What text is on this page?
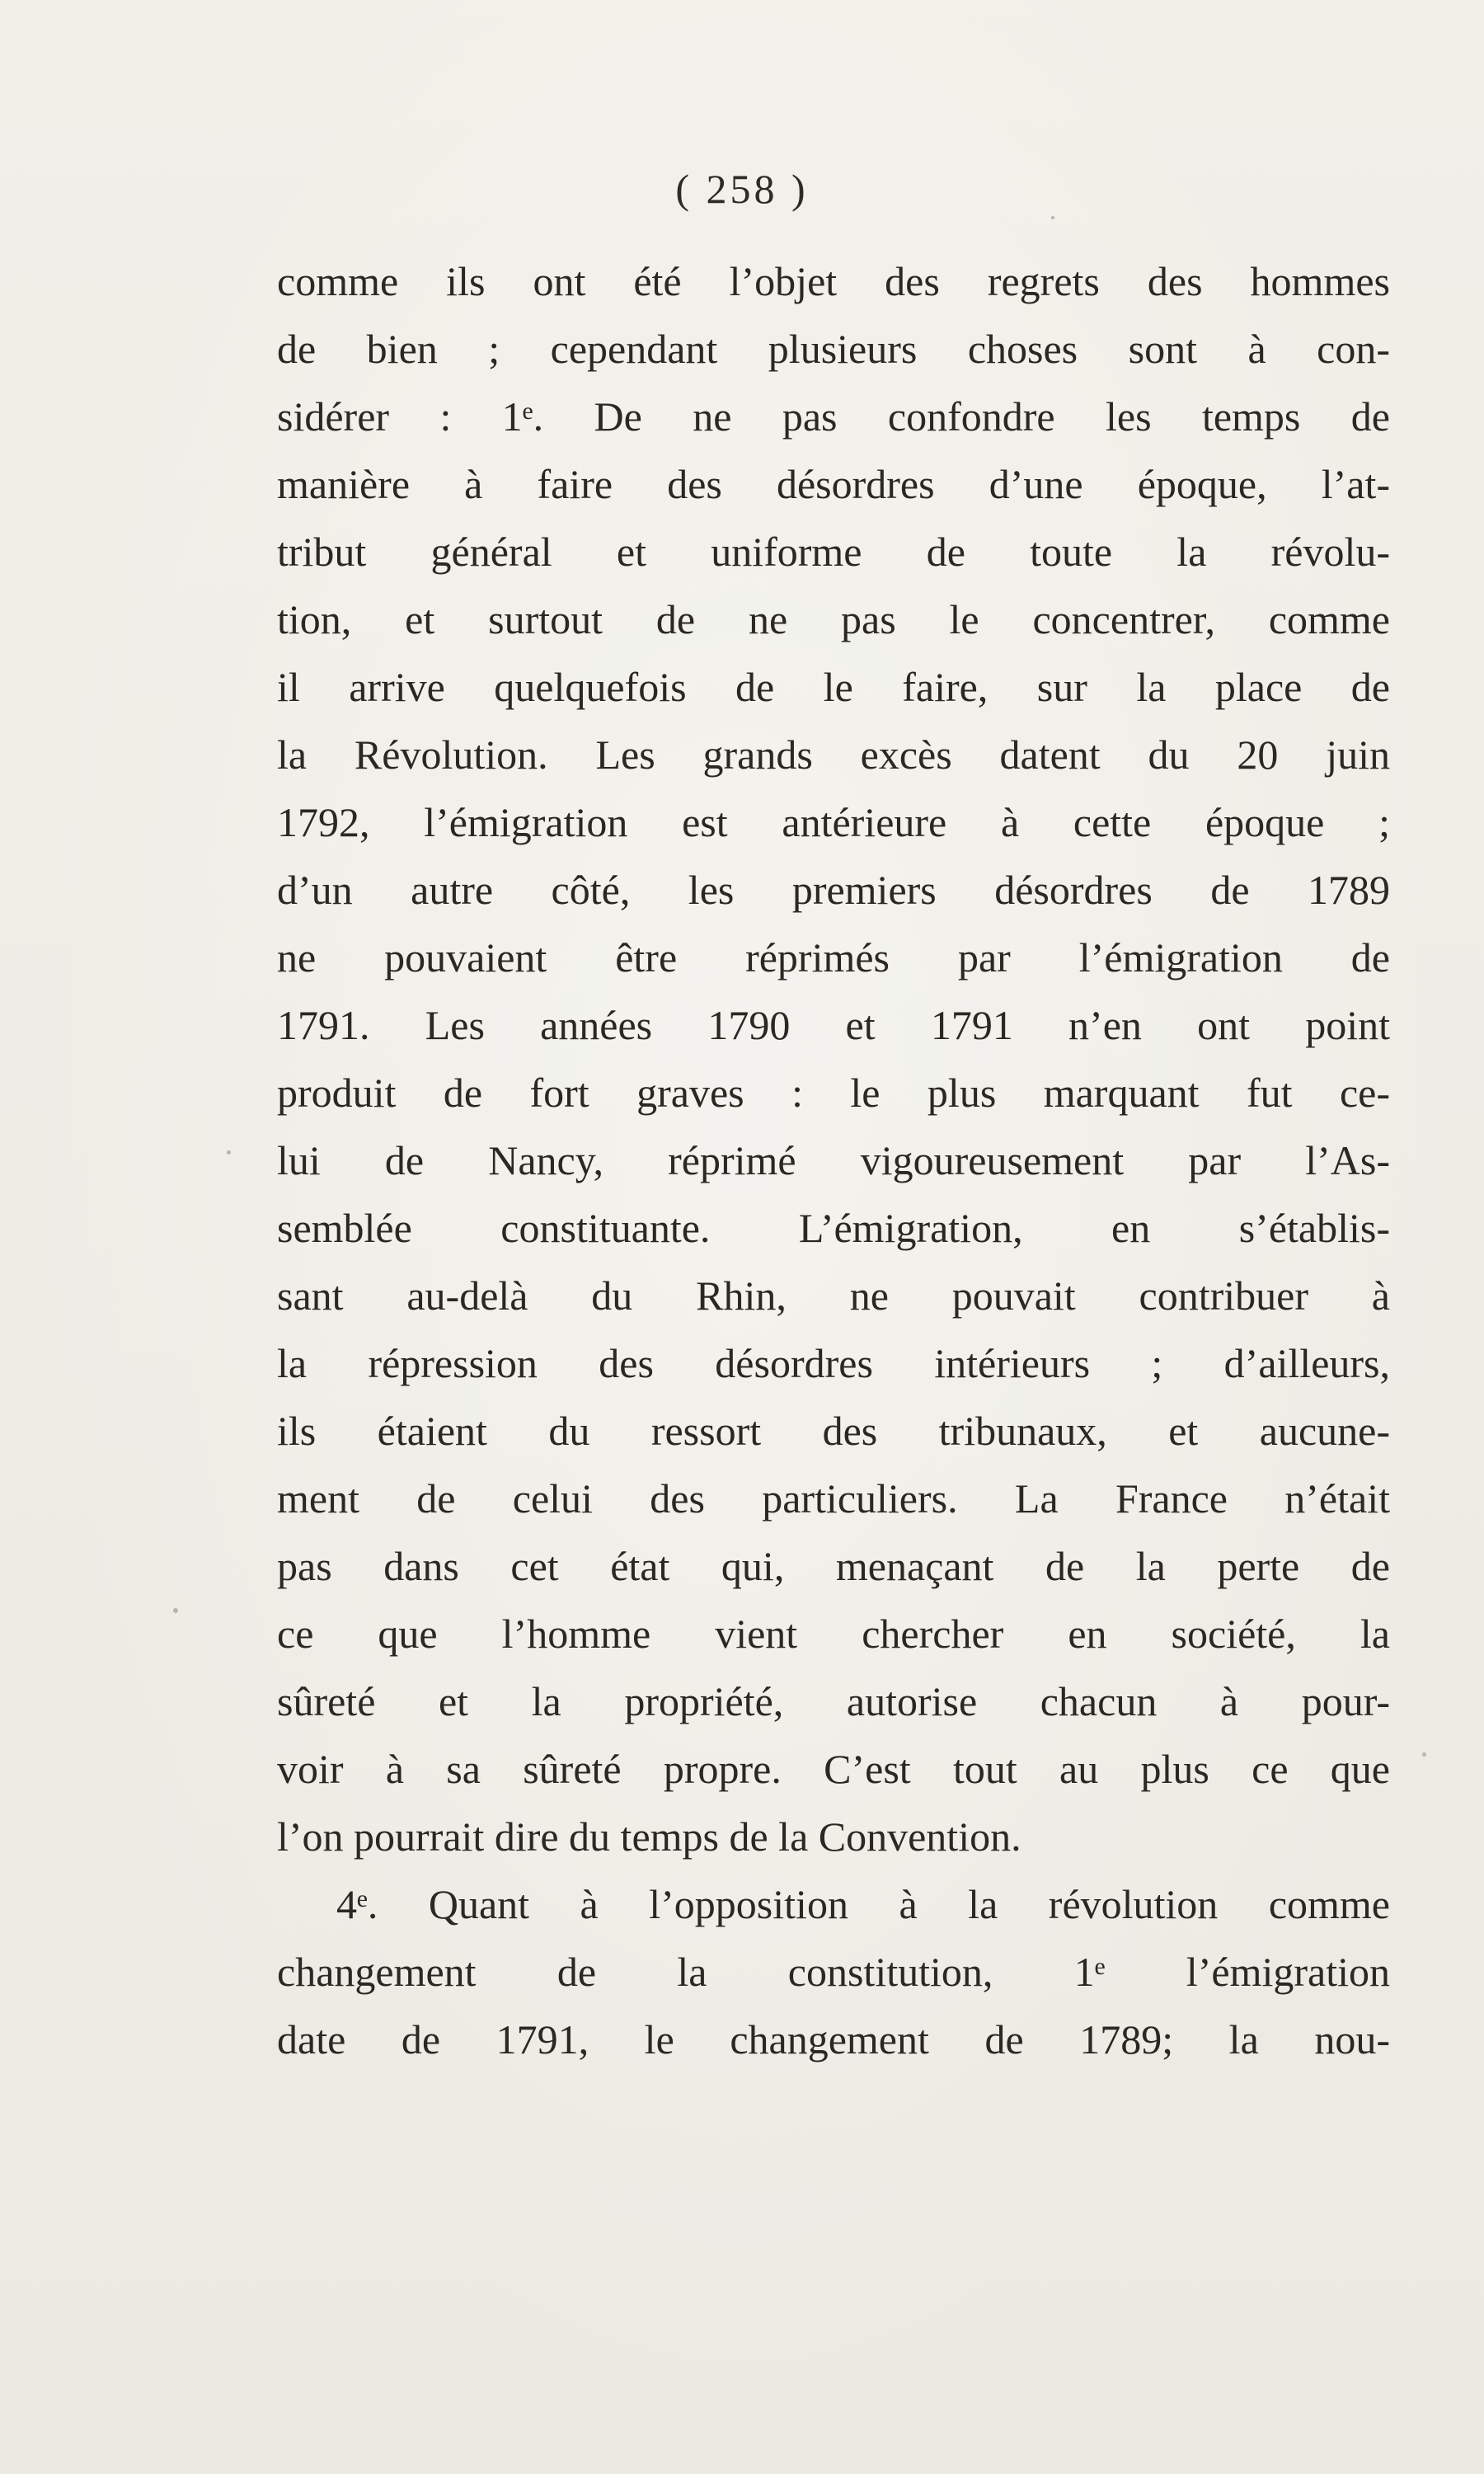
( 258 )
comme ils ont été l’objet des regrets des hommes
de bien ; cependant plusieurs choses sont à con-
sidérer : 1ᵉ. De ne pas confondre les temps de
manière à faire des désordres d’une époque, l’at-
tribut général et uniforme de toute la révolu-
tion, et surtout de ne pas le concentrer, comme
il arrive quelquefois de le faire, sur la place de
la Révolution. Les grands excès datent du 20 juin
1792, l’émigration est antérieure à cette époque ;
d’un autre côté, les premiers désordres de 1789
ne pouvaient être réprimés par l’émigration de
1791. Les années 1790 et 1791 n’en ont point
produit de fort graves : le plus marquant fut ce-
lui de Nancy, réprimé vigoureusement par l’As-
semblée constituante. L’émigration, en s’établis-
sant au-delà du Rhin, ne pouvait contribuer à
la répression des désordres intérieurs ; d’ailleurs,
ils étaient du ressort des tribunaux, et aucune-
ment de celui des particuliers. La France n’était
pas dans cet état qui, menaçant de la perte de
ce que l’homme vient chercher en société, la
sûreté et la propriété, autorise chacun à pour-
voir à sa sûreté propre. C’est tout au plus ce que
l’on pourrait dire du temps de la Convention.
4ᵉ. Quant à l’opposition à la révolution comme
changement de la constitution, 1ᵉ l’émigration
date de 1791, le changement de 1789; la nou-
